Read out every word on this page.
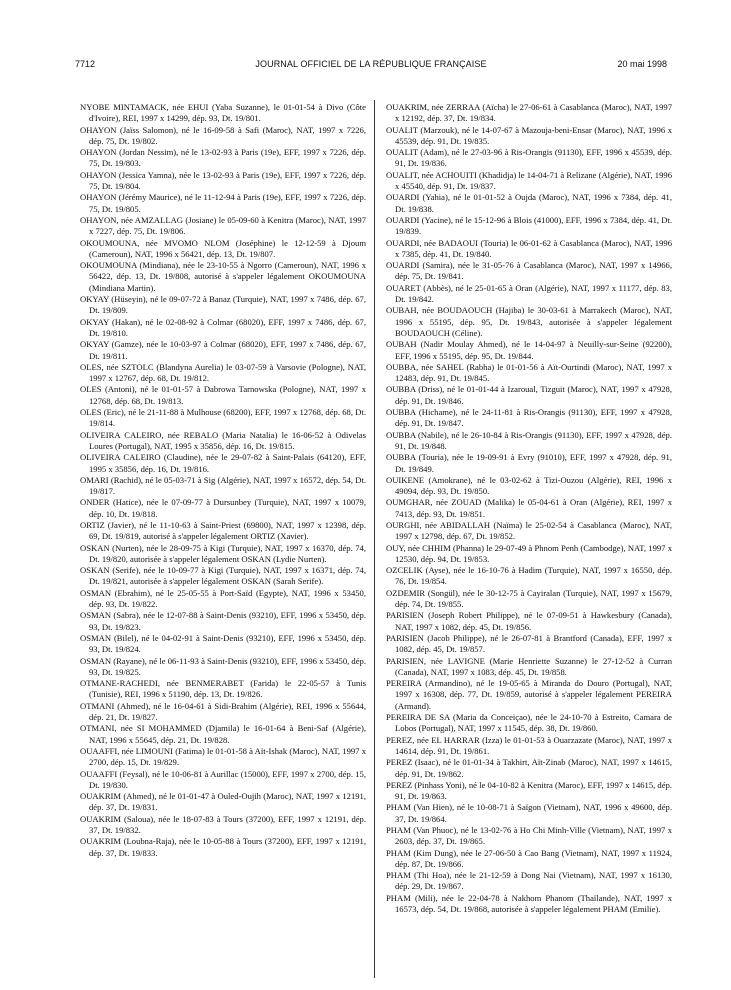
7712	JOURNAL OFFICIEL DE LA RÉPUBLIQUE FRANÇAISE	20 mai 1998

NYOBE MINTAMACK, née EHUI (Yaba Suzanne), le 01-01-54 à Divo (Côte d'Ivoire), REI, 1997 x 14299, dép. 93, Dt. 19/801.

OHAYON (Jaïss Salomon), né le 16-09-58 à Safi (Maroc), NAT, 1997 x 7226, dép. 75, Dt. 19/802.

OHAYON (Jordan Nessim), né le 13-02-93 à Paris (19e), EFF, 1997 x 7226, dép. 75, Dt. 19/803.

OHAYON (Jessica Yamna), née le 13-02-93 à Paris (19e), EFF, 1997 x 7226, dép. 75, Dt. 19/804.

OHAYON (Jérémy Maurice), né le 11-12-94 à Paris (19e), EFF, 1997 x 7226, dép. 75, Dt. 19/805.

OHAYON, née AMZALLAG (Josiane) le 05-09-60 à Kenitra (Maroc), NAT, 1997 x 7227, dép. 75, Dt. 19/806.

OKOUMOUNA, née MVOMO NLOM (Joséphine) le 12-12-59 à Djoum (Cameroun), NAT, 1996 x 56421, dép. 13, Dt. 19/807.

OKOUMOUNA (Mindiana), née le 23-10-55 à Ngorro (Cameroun), NAT, 1996 x 56422, dép. 13, Dt. 19/808, autorisé à s'appeler légalement OKOUMOUNA (Mindiana Martin).

OKYAY (Hüseyin), né le 09-07-72 à Banaz (Turquie), NAT, 1997 x 7486, dép. 67, Dt. 19/809.

OKYAY (Hakan), né le 02-08-92 à Colmar (68020), EFF, 1997 x 7486, dép. 67, Dt. 19/810.

OKYAY (Gamze), née le 10-03-97 à Colmar (68020), EFF, 1997 x 7486, dép. 67, Dt. 19/811.

OLES, née SZTOLC (Blandyna Aurelia) le 03-07-59 à Varsovie (Pologne), NAT, 1997 x 12767, dép. 68, Dt. 19/812.

OLES (Antoni), né le 01-01-57 à Dabrowa Tarnowska (Pologne), NAT, 1997 x 12768, dép. 68, Dt. 19/813.

OLES (Eric), né le 21-11-88 à Mulhouse (68200), EFF, 1997 x 12768, dép. 68, Dt. 19/814.

OLIVEIRA CALEIRO, née REBALO (Maria Natalia) le 16-06-52 à Odivelas Loures (Portugal), NAT, 1995 x 35856, dép. 16, Dt. 19/815.

OLIVEIRA CALEIRO (Claudine), née le 29-07-82 à Saint-Palais (64120), EFF, 1995 x 35856, dép. 16, Dt. 19/816.

OMARI (Rachid), né le 05-03-71 à Sig (Algérie), NAT, 1997 x 16572, dép. 54, Dt. 19/817.

ONDER (Hatice), née le 07-09-77 à Dursunbey (Turquie), NAT, 1997 x 10079, dép. 10, Dt. 19/818.

ORTIZ (Javier), né le 11-10-63 à Saint-Priest (69800), NAT, 1997 x 12398, dép. 69, Dt. 19/819, autorisé à s'appeler légalement ORTIZ (Xavier).

OSKAN (Nurten), née le 28-09-75 à Kigi (Turquie), NAT, 1997 x 16370, dép. 74, Dt. 19/820, autorisée à s'appeler légalement OSKAN (Lydie Nurten).

OSKAN (Serife), née le 10-09-77 à Kigi (Turquie), NAT, 1997 x 16371, dép. 74, Dt. 19/821, autorisée à s'appeler légalement OSKAN (Sarah Serife).

OSMAN (Ebrahim), né le 25-05-55 à Port-Saïd (Egypte), NAT, 1996 x 53450, dép. 93, Dt. 19/822.

OSMAN (Sabra), née le 12-07-88 à Saint-Denis (93210), EFF, 1996 x 53450, dép. 93, Dt. 19/823.

OSMAN (Bilel), né le 04-02-91 à Saint-Denis (93210), EFF, 1996 x 53450, dép. 93, Dt. 19/824.

OSMAN (Rayane), né le 06-11-93 à Saint-Denis (93210), EFF, 1996 x 53450, dép. 93, Dt. 19/825.

OTMANE-RACHEDI, née BENMERABET (Farida) le 22-05-57 à Tunis (Tunisie), REI, 1996 x 51190, dép. 13, Dt. 19/826.

OTMANI (Ahmed), né le 16-04-61 à Sidi-Brahim (Algérie), REI, 1996 x 55644, dép. 21, Dt. 19/827.

OTMANI, née SI MOHAMMED (Djamila) le 16-01-64 à Beni-Saf (Algérie), NAT, 1996 x 55645, dép. 21, Dt. 19/828.

OUAAFFI, née LIMOUNI (Fatima) le 01-01-58 à Aït-Ishak (Maroc), NAT, 1997 x 2700, dép. 15, Dt. 19/829.

OUAAFFI (Feysal), né le 10-06-81 à Aurillac (15000), EFF, 1997 x 2700, dép. 15, Dt. 19/830.

OUAKRIM (Ahmed), né le 01-01-47 à Ouled-Oujih (Maroc), NAT, 1997 x 12191, dép. 37, Dt. 19/831.

OUAKRIM (Saloua), née le 18-07-83 à Tours (37200), EFF, 1997 x 12191, dép. 37, Dt. 19/832.

OUAKRIM (Loubna-Raja), née le 10-05-88 à Tours (37200), EFF, 1997 x 12191, dép. 37, Dt. 19/833.

OUAKRIM, née ZERRAA (Aïcha) le 27-06-61 à Casablanca (Maroc), NAT, 1997 x 12192, dép. 37, Dt. 19/834.

OUALIT (Marzouk), né le 14-07-67 à Mazouja-beni-Ensar (Maroc), NAT, 1996 x 45539, dép. 91, Dt. 19/835.

OUALIT (Adam), né le 27-03-96 à Ris-Orangis (91130), EFF, 1996 x 45539, dép. 91, Dt. 19/836.

OUALIT, née ACHOUITI (Khadidja) le 14-04-71 à Relizane (Algérie), NAT, 1996 x 45540, dép. 91, Dt. 19/837.

OUARDI (Yahia), né le 01-01-52 à Oujda (Maroc), NAT, 1996 x 7384, dép. 41, Dt. 19/838.

OUARDI (Yacine), né le 15-12-96 à Blois (41000), EFF, 1996 x 7384, dép. 41, Dt. 19/839.

OUARDI, née BADAOUI (Touria) le 06-01-62 à Casablanca (Maroc), NAT, 1996 x 7385, dép. 41, Dt. 19/840.

OUARDI (Samira), née le 31-05-76 à Casablanca (Maroc), NAT, 1997 x 14966, dép. 75, Dt. 19/841.

OUARET (Abbès), né le 25-01-65 à Oran (Algérie), NAT, 1997 x 11177, dép. 83, Dt. 19/842.

OUBAH, née BOUDAOUCH (Hajiba) le 30-03-61 à Marrakech (Maroc), NAT, 1996 x 55195, dép. 95, Dt. 19/843, autorisée à s'appeler légalement BOUDAOUCH (Céline).

OUBAH (Nadir Moulay Ahmed), né le 14-04-97 à Neuilly-sur-Seine (92200), EFF, 1996 x 55195, dép. 95, Dt. 19/844.

OUBBA, née SAHEL (Rabha) le 01-01-56 à Aït-Ourtindi (Maroc), NAT, 1997 x 12483, dép. 91, Dt. 19/845.

OUBBA (Driss), né le 01-01-44 à Izaroual, Tizguit (Maroc), NAT, 1997 x 47928, dép. 91, Dt. 19/846.

OUBBA (Hichame), né le 24-11-81 à Ris-Orangis (91130), EFF, 1997 x 47928, dép. 91, Dt. 19/847.

OUBBA (Nabile), né le 26-10-84 à Ris-Orangis (91130), EFF, 1997 x 47928, dép. 91, Dt. 19/848.

OUBBA (Touria), née le 19-09-91 à Evry (91010), EFF, 1997 x 47928, dép. 91, Dt. 19/849.

OUIKENE (Amokrane), né le 03-02-62 à Tizi-Ouzou (Algérie), REI, 1996 x 49094, dép. 93, Dt. 19/850.

OUMGHAR, née ZOUAD (Malika) le 05-04-61 à Oran (Algérie), REI, 1997 x 7413, dép. 93, Dt. 19/851.

OURGHI, née ABIDALLAH (Naïma) le 25-02-54 à Casablanca (Maroc), NAT, 1997 x 12798, dép. 67, Dt. 19/852.

OUY, née CHHIM (Phanna) le 29-07-49 à Phnom Penh (Cambodge), NAT, 1997 x 12530, dép. 94, Dt. 19/853.

OZCELIK (Ayse), née le 16-10-76 à Hadim (Turquie), NAT, 1997 x 16550, dép. 76, Dt. 19/854.

OZDEMIR (Songül), née le 30-12-75 à Cayiralan (Turquie), NAT, 1997 x 15679, dép. 74, Dt. 19/855.

PARISIEN (Joseph Robert Philippe), né le 07-09-51 à Hawkesbury (Canada), NAT, 1997 x 1082, dép. 45, Dt. 19/856.

PARISIEN (Jacob Philippe), né le 26-07-81 à Brantford (Canada), EFF, 1997 x 1082, dép. 45, Dt. 19/857.

PARISIEN, née LAVIGNE (Marie Henriette Suzanne) le 27-12-52 à Curran (Canada), NAT, 1997 x 1083, dép. 45, Dt. 19/858.

PEREIRA (Armandino), né le 19-05-65 à Miranda do Douro (Portugal), NAT, 1997 x 16308, dép. 77, Dt. 19/859, autorisé à s'appeler légalement PEREIRA (Armand).

PEREIRA DE SA (Maria da Conceiçao), née le 24-10-70 à Estreito, Camara de Lobos (Portugal), NAT, 1997 x 11545, dép. 38, Dt. 19/860.

PEREZ, née EL HARRAR (Izza) le 01-01-53 à Ouarzazate (Maroc), NAT, 1997 x 14614, dép. 91, Dt. 19/861.

PEREZ (Isaac), né le 01-01-34 à Takhirt, Aït-Zinab (Maroc), NAT, 1997 x 14615, dép. 91, Dt. 19/862.

PEREZ (Pinhass Yoni), né le 04-10-82 à Kenitra (Maroc), EFF, 1997 x 14615, dép. 91, Dt. 19/863.

PHAM (Van Hien), né le 10-08-71 à Saïgon (Vietnam), NAT, 1996 x 49600, dép. 37, Dt. 19/864.

PHAM (Van Phuoc), né le 13-02-76 à Ho Chi Minh-Ville (Vietnam), NAT, 1997 x 2603, dép. 37, Dt. 19/865.

PHAM (Kim Dung), née le 27-06-50 à Cao Bang (Vietnam), NAT, 1997 x 11924, dép. 87, Dt. 19/866.

PHAM (Thi Hoa), née le 21-12-59 à Dong Nai (Vietnam), NAT, 1997 x 16130, dép. 29, Dt. 19/867.

PHAM (Mili), née le 22-04-78 à Nakhom Phanom (Thaïlande), NAT, 1997 x 16573, dép. 54, Dt. 19/868, autorisée à s'appeler légalement PHAM (Emilie).
